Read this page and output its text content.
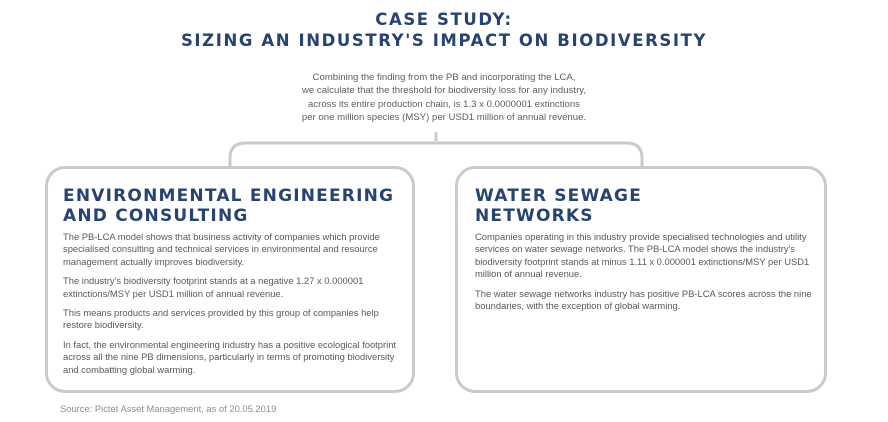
CASE STUDY:
SIZING AN INDUSTRY'S IMPACT ON BIODIVERSITY

Combining the finding from the PB and incorporating the LCA,

we calculate that the threshold for biodiversity loss for any industry,

across its entire production chain, is 1.3 x 0.0000001 extinctions

per one million species (MSY) per USD1 million of annual revenue.

ENVIRONMENTAL ENGINEERING
AND CONSULTING

The PB-LCA model shows that business activity of companies which provide specialised consulting and technical services in environmental and resource management actually improves biodiversity.

The industry's biodiversity footprint stands at a negative 1.27 x 0.000001 extinctions/MSY per USD1 million of annual revenue.

This means products and services provided by this group of companies help restore biodiversity.

In fact, the environmental engineering industry has a positive ecological footprint across all the nine PB dimensions, particularly in terms of promoting biodiversity and combatting global warming.

WATER SEWAGE
NETWORKS

Companies operating in this industry provide specialised technologies and utility services on water sewage networks. The PB-LCA model shows the industry's biodiversity footprint stands at minus 1.11 x 0.000001 extinctions/MSY per USD1 million of annual revenue.

The water sewage networks industry has positive PB-LCA scores across the nine boundaries, with the exception of global warming.

Source: Pictet Asset Management, as of 20.05.2019
